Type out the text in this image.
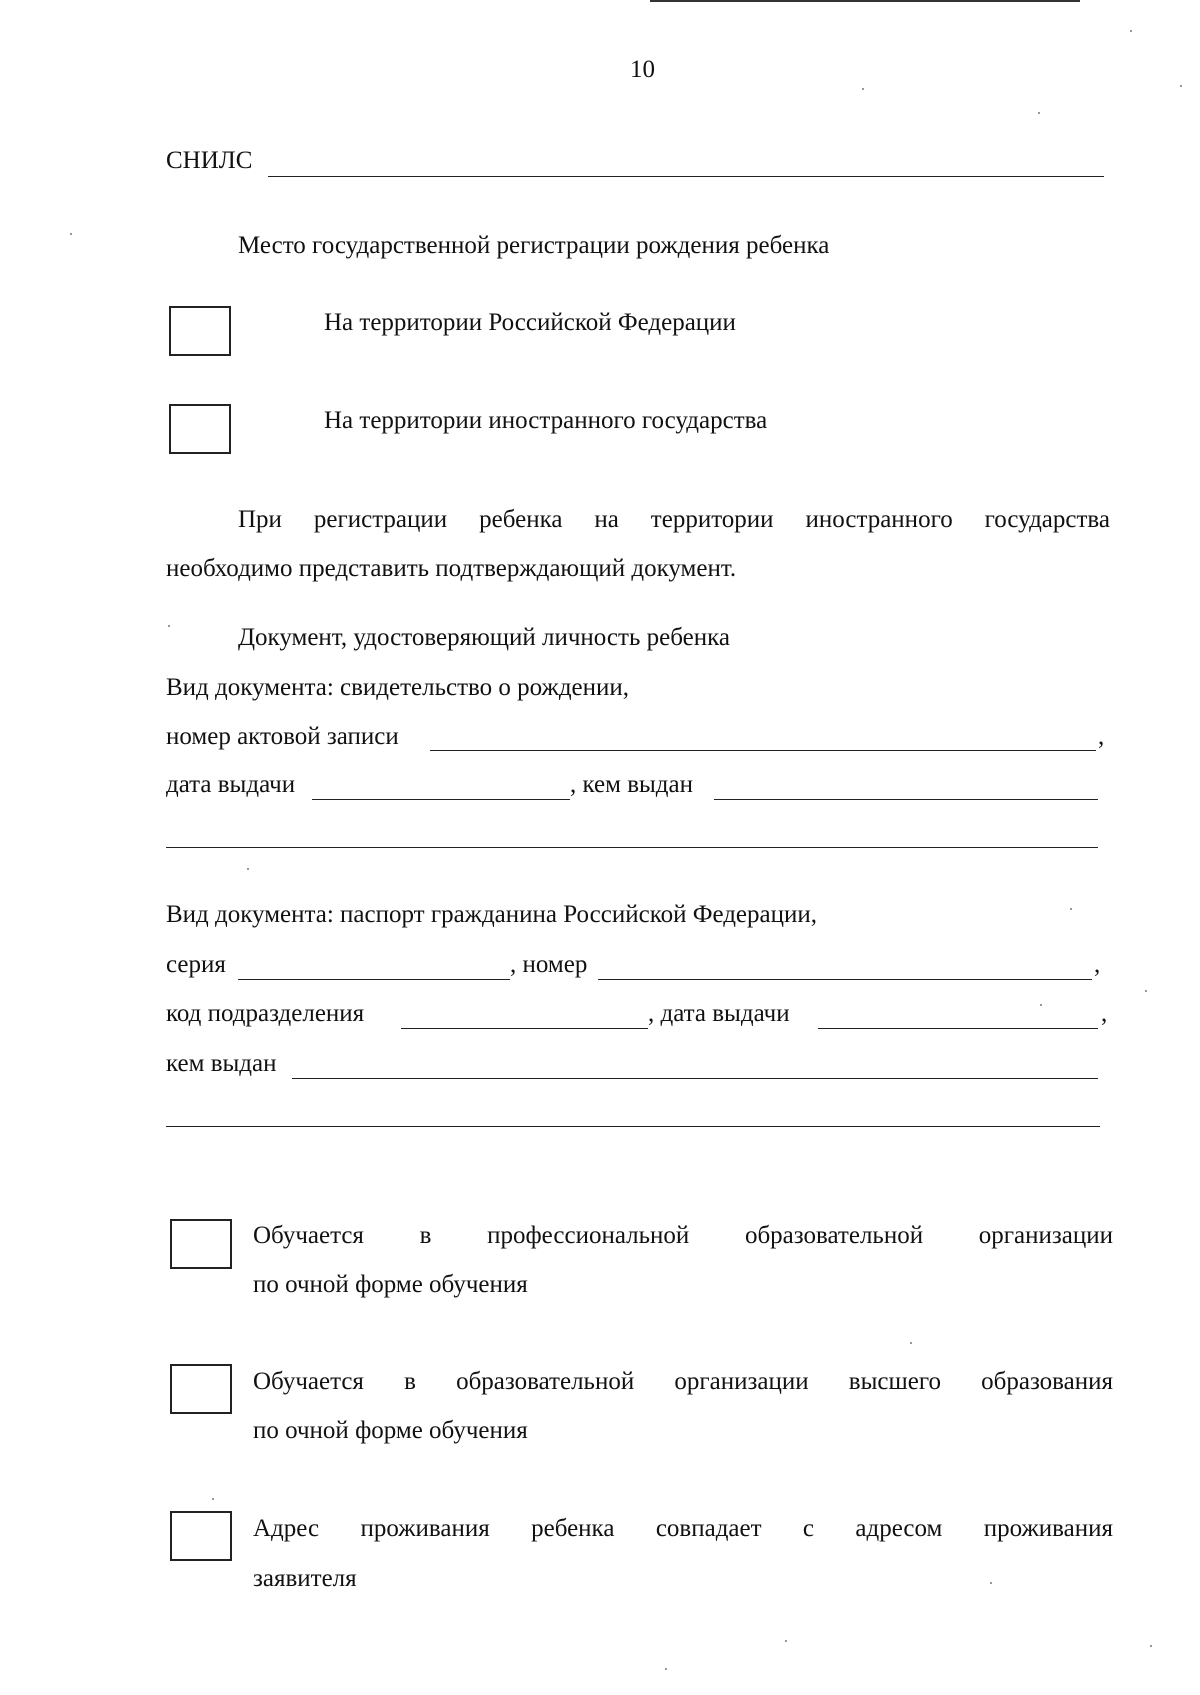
10
СНИЛС
Место государственной регистрации рождения ребенка
На территории Российской Федерации
На территории иностранного государства
При регистрации ребенка на территории иностранного государства
необходимо представить подтверждающий документ.
Документ, удостоверяющий личность ребенка
Вид документа: свидетельство о рождении,
номер актовой записи	,
дата выдачи	, кем выдан
Вид документа: паспорт гражданина Российской Федерации,
серия	, номер	,
код подразделения	, дата выдачи	,
кем выдан
Обучается в профессиональной образовательной организации
по очной форме обучения
Обучается в образовательной организации высшего образования
по очной форме обучения
Адрес проживания ребенка совпадает с адресом проживания
заявителя
